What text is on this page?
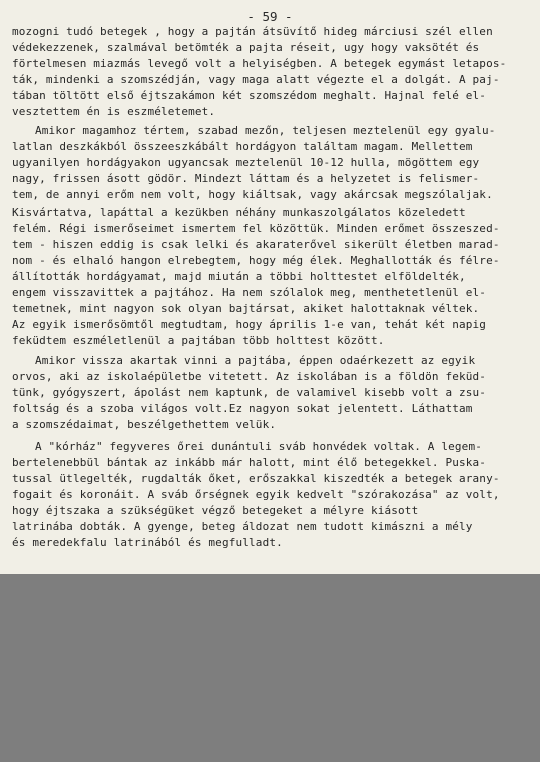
- 59 -
mozogni tudó betegek , hogy a pajtán átsüvítő hideg márciusi szél ellen
védekezzenek, szalmával betömték a pajta réseit, ugy hogy vaksötét és
förtelmesen miazmás levegő volt a helyiségben. A betegek egymást letapos-
ták, mindenki a szomszédján, vagy maga alatt végezte el a dolgát. A paj-
tában töltött első éjtszakámon két szomszédom meghalt. Hajnal felé el-
vesztettem én is eszméletemet.
Amikor magamhoz tértem, szabad mezőn, teljesen meztelenül egy gyalu-
latlan deszkákból összeeszkábált hordágyon találtam magam. Mellettem
ugyanilyen hordágyakon ugyancsak meztelenül 10-12 hulla, mögöttem egy
nagy, frissen ásott gödör. Mindezt láttam és a helyzetet is felismer-
tem, de annyi erőm nem volt, hogy kiáltsak, vagy akárcsak megszólaljak.
Kisvártatva, lapáttal a kezükben néhány munkaszolgálatos közeledett
felém. Régi ismerőseimet ismertem fel közöttük. Minden erőmet összeszed-
tem - hiszen eddig is csak lelki és akaraterővel sikerült életben marad-
nom - és elhaló hangon elrebegtem, hogy még élek. Meghallották és félre-
állították hordágyamat, majd miután a többi holttestet elföldelték,
engem visszavittek a pajtához. Ha nem szólalok meg, menthetetlenül el-
temetnek, mint nagyon sok olyan bajtársat, akiket halottaknak véltek.
Az egyik ismerősömtől megtudtam, hogy április 1-e van, tehát két napig
feküdtem eszméletlenül a pajtában több holttest között.
Amikor vissza akartak vinni a pajtába, éppen odaérkezett az egyik
orvos, aki az iskolaépületbe vitetett. Az iskolában is a földön feküd-
tünk, gyógyszert, ápolást nem kaptunk, de valamivel kisebb volt a zsu-
foltság és a szoba világos volt.Ez nagyon sokat jelentett. Láthattam
a szomszédaimat, beszélgethettem velük.
A "kórház" fegyveres őrei dunántuli sváb honvédek voltak. A legem-
bertelenebbül bántak az inkább már halott, mint élő betegekkel. Puska-
tussal ütlegelték, rugdalták őket, erőszakkal kiszedték a betegek arany-
fogait és koronáit. A sváb őrségnek egyik kedvelt "szórakozása" az volt,
hogy éjtszaka a szükségüket végző betegeket a mélyre kiásott
latrinába dobták. A gyenge, beteg áldozat nem tudott kimászni a mély
és meredekfalu latrinából és megfulladt.
